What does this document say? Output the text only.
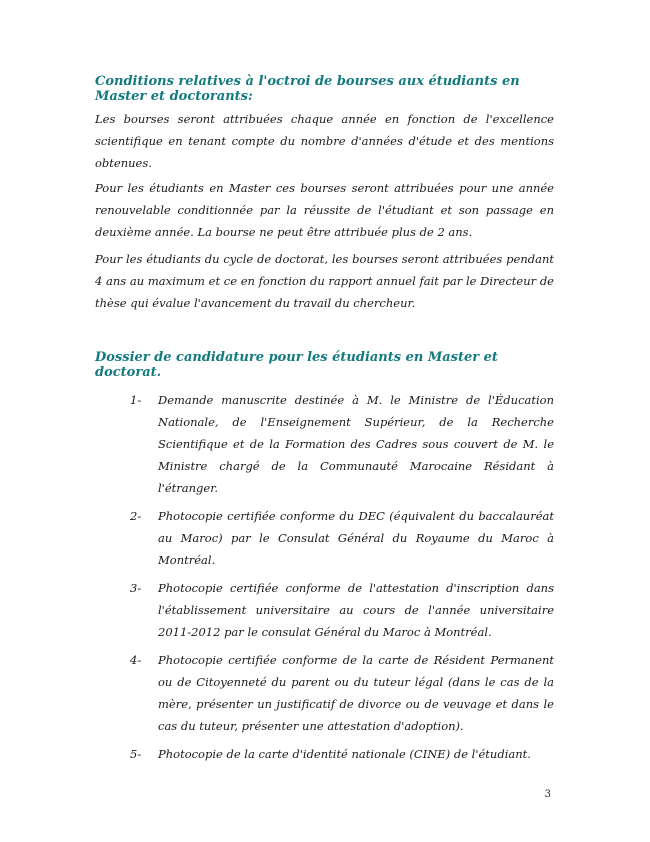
Conditions relatives à l'octroi de bourses aux étudiants en Master et doctorants:

Les bourses seront attribuées chaque année en fonction de l'excellence scientifique en tenant compte du nombre d'années d'étude et des mentions obtenues.

Pour les étudiants en Master ces bourses seront attribuées pour une année renouvelable conditionnée par la réussite de l'étudiant et son passage en deuxième année. La bourse ne peut être attribuée plus de 2 ans.

Pour les étudiants du cycle de doctorat, les bourses seront attribuées pendant 4 ans au maximum et ce en fonction du rapport annuel fait par le Directeur de thèse qui évalue l'avancement du travail du chercheur.

Dossier de candidature pour les étudiants en Master et doctorat.
1-	Demande manuscrite destinée à M. le Ministre de l'Éducation Nationale, de l'Enseignement Supérieur, de la Recherche Scientifique et de la Formation des Cadres sous couvert de M. le Ministre chargé de la Communauté Marocaine Résidant à l'étranger.
2-	Photocopie certifiée conforme du DEC (équivalent du baccalauréat au Maroc) par le Consulat Général du Royaume du Maroc à Montréal.
3-	Photocopie certifiée conforme de l'attestation d'inscription dans l'établissement universitaire au cours de l'année universitaire 2011-2012 par le consulat Général du Maroc à Montréal.
4-	Photocopie certifiée conforme de la carte de Résident Permanent ou de Citoyenneté du parent ou du tuteur légal (dans le cas de la mère, présenter un justificatif de divorce ou de veuvage et dans le cas du tuteur, présenter une attestation d'adoption).
5-	Photocopie de la carte d'identité nationale (CINE) de l'étudiant.
3
